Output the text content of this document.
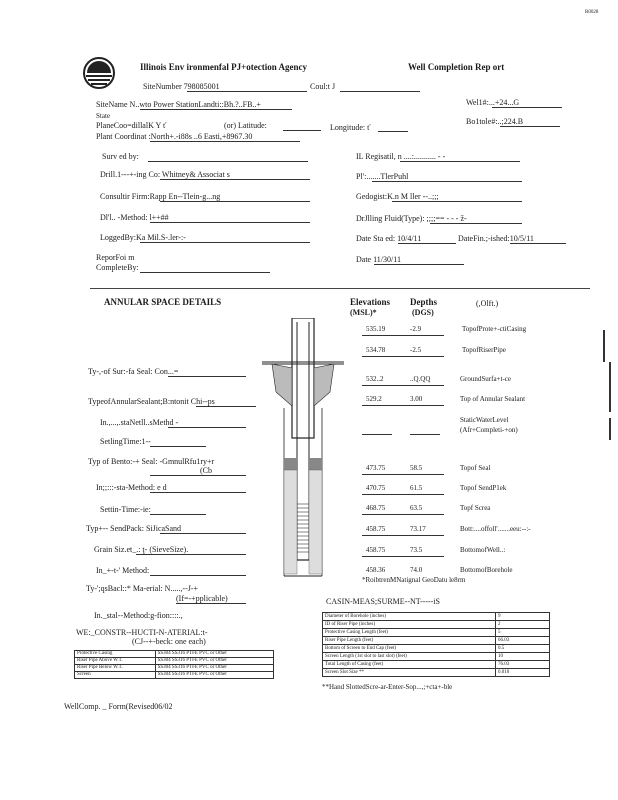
R0028
Illinois Env ironmenfal PJ+otection Agency	Well Completion Rep ort
SiteNumber 798085001	Coul:t J
SiteName N..wto Power StationLandti::Bh.?..FB..+	Wel1#:...+24...G
State
PlaneCoo=dillalK Y ť	(or) Latitude:	Longitude: ť
Bo1tole#:..;224.B
Plant Coordinat :North+.-i88s ..6 Easti,+8967.30
Surv ed by:	IL Regisatil, n ....:........... - -
Drill.1---+-ing Co: Whitney& Associat s	Pl':.......TlerPuhl
Consultir Firm:Rapp En--Tlein-g...ng	Gedogist:K.n M ller --..;;;
Dl'l.. -Method: l++##	DrJlling Fluid(Type): ;;;;== - - - ž-
LoggedBy:Ka Mil.S-.ler-:-	Date Sta ed: 10/4/11	DateFin.;-ished:10/5/11
ReporFoi m
CompleteBy:
Date 11/30/11
ANNULAR SPACE DETAILS	Elevations
(MSL)*
Depths
(DGS)
(,Olft.)
535.19	-2.9	TopofProte+-ctiCasing
534.78	-2.5	TopofRiserPipe
532..2	..Q.QQ	GroundSurfa+t-ce
529.2	3.00	Top of Annular Sealant
StaticWaterLevel
(Afr+Completi-+on)
473.75	58.5	Topof Seal
470.75	61.5	Topof SendP1ek
468.75	63.5	Topf Screa
458.75	73.17	Bott:....offoll'.......eeu:--:-
458.75	73.5	BottomofWell..:
458.36	74.0	BottomofBorehole
*RoibtrenMNatignal GeoDatu le8rm
Ty-,-of Sur:-fa Seal: Con...=
TypeofAnnularSealant;B:ntonit Chi--ps
In.,...,.staNetll..sMethd -
SetlingTime:1--
Typ of Bento:-+ Seal: -GmnulRfu1ry+r
(Cb
In;;:::-sta-Method: e d
Settin-Time:-ie:
Typ+-- SendPack: SiJicaSand
Grain Siz.et_.: ţ- (SieveSize).
In_+-t-' Method:
Ty-';qsBacl::* Ma-erial: N.....,--J-+
(If=-+pplicable)
In._stal--Method:g-fion::::.,
WE:_CONSTR--HUCTI-N-ATERIAL:t-
(CJ--+-beck: one each)
Protective Casing	SS304 SS316 PTFE PVC or Other
Riser Pipe Above W.T.	SS304 SS316 PTFE PVC or Other
Riser Pipe Below W.T.	SS304 SS316 PTFE PVC or Other
Screen	SS304 SS316 PTFE PVC or Other
CASIN-MEAS;SURME--NT-----iS
Diameter of Borehole (inches)	9
ID of Riser Pipe (inches)	2
Protective Casing Length (feet)	5
Riser Pipe Length (feet)	66.03
Bottom of Screen to End Cap (feet)	0.5
Screen Length (1st slot to last slot) (feet)	10
Total Length of Casing (feet)	76.03
Screen Slot Size **	0.010
**Hand SlottedScre-ar-Enter-Sop...,;+cta+-ble
WellComp. _ Form(Revised06/02
